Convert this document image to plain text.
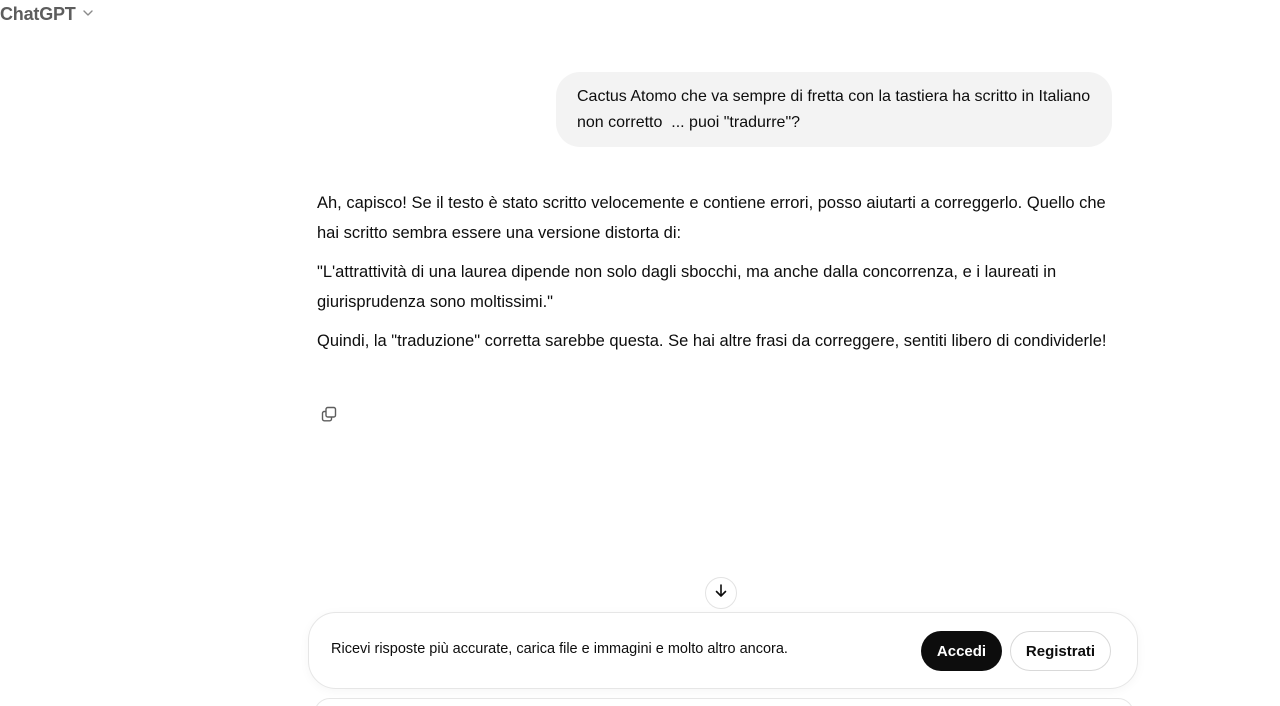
ChatGPT
Cactus Atomo che va sempre di fretta con la tastiera ha scritto in Italiano non corretto  ... puoi "tradurre"?

Ah, capisco! Se il testo è stato scritto velocemente e contiene errori, posso aiutarti a correggerlo. Quello che hai scritto sembra essere una versione distorta di:

"L'attrattività di una laurea dipende non solo dagli sbocchi, ma anche dalla concorrenza, e i laureati in giurisprudenza sono moltissimi."

Quindi, la "traduzione" corretta sarebbe questa. Se hai altre frasi da correggere, sentiti libero di condividerle!

Ricevi risposte più accurate, carica file e immagini e molto altro ancora.	Accedi	Registrati
